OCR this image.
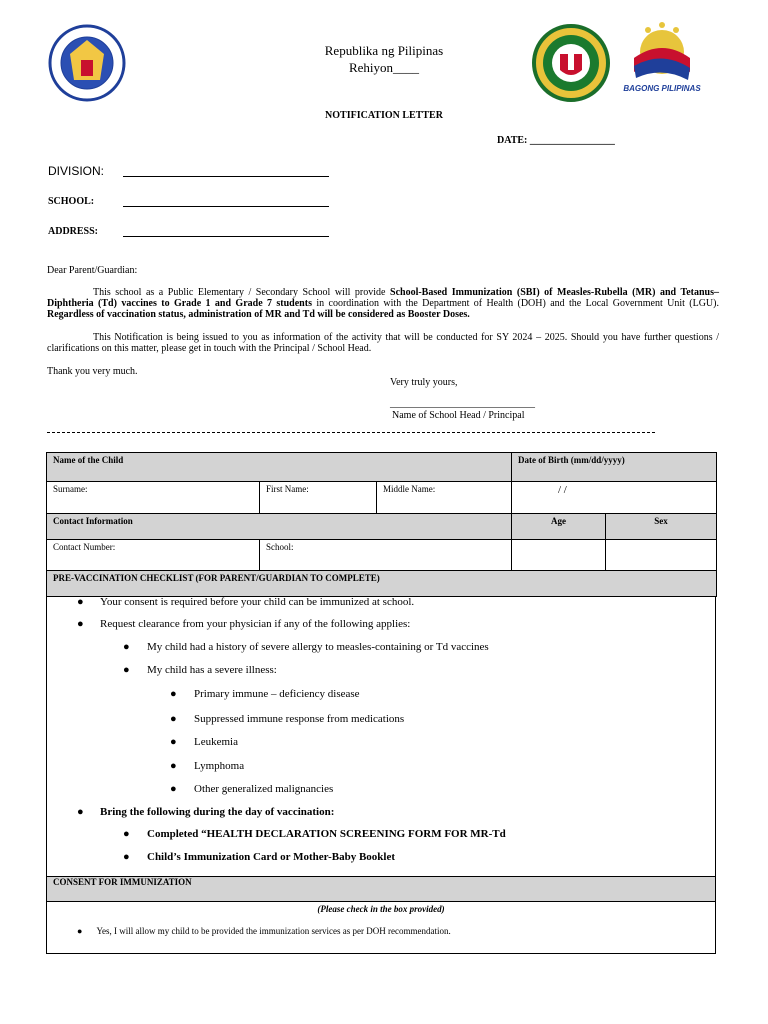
BAGONG PILIPINAS
Republika ng Pilipinas
Rehiyon____
NOTIFICATION LETTER
DATE: _________________
DIVISION:
SCHOOL:
ADDRESS:
Dear Parent/Guardian:
This school as a Public Elementary / Secondary School will provide School-Based Immunization (SBI) of Measles-Rubella (MR) and Tetanus–Diphtheria (Td) vaccines to Grade 1 and Grade 7 students in coordination with the Department of Health (DOH) and the Local Government Unit (LGU). Regardless of vaccination status, administration of MR and Td will be considered as Booster Doses.
This Notification is being issued to you as information of the activity that will be conducted for SY 2024 – 2025. Should you have further questions / clarifications on this matter, please get in touch with the Principal / School Head.
Thank you very much.
Very truly yours,
_____________________________
Name of School Head / Principal
Name of the Child			Date of Birth (mm/dd/yyyy)	
Surname:	First Name:	Middle Name:	/ /	
Contact Information			Age	Sex
Contact Number:	School:			
PRE-VACCINATION CHECKLIST (FOR PARENT/GUARDIAN TO COMPLETE)				
● Your consent is required before your child can be immunized at school.
● Request clearance from your physician if any of the following applies:
● My child had a history of severe allergy to measles-containing or Td vaccines
● My child has a severe illness:
● Primary immune – deficiency disease
● Suppressed immune response from medications
● Leukemia
● Lymphoma
● Other generalized malignancies
● Bring the following during the day of vaccination:
● Completed “HEALTH DECLARATION SCREENING FORM FOR MR-Td
● Child’s Immunization Card or Mother-Baby Booklet
CONSENT FOR IMMUNIZATION
(Please check in the box provided)
● Yes, I will allow my child to be provided the immunization services as per DOH recommendation.
